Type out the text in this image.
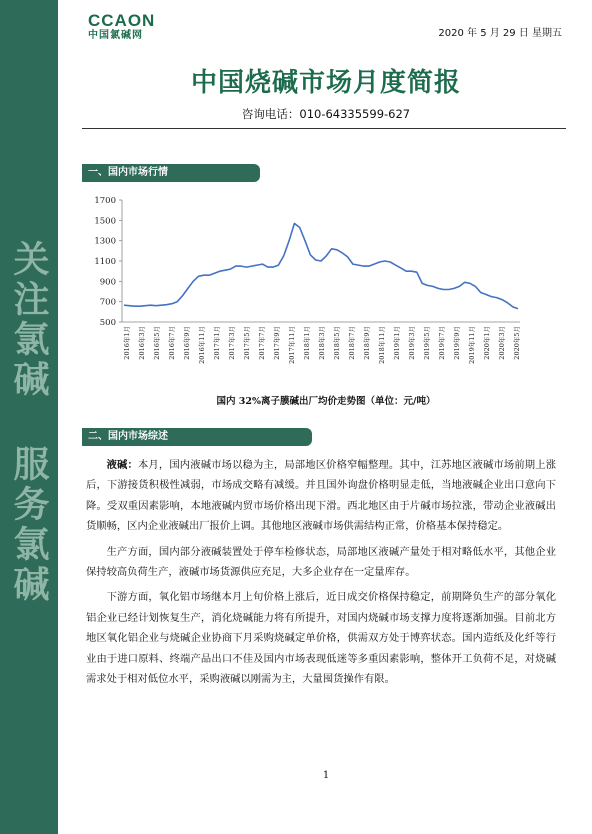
关注氯碱 服务氯碱
CCAON
中国氯碱网	2020 年 5 月 29 日 星期五
中国烧碱市场月度简报
咨询电话：010-64335599-627
一、国内市场行情
500
700
900
1100
1300
1500
1700
2016年1月 2016年3月 2016年5月 2016年7月 2016年9月 2016年11月 2017年1月 2017年3月 2017年5月 2017年7月 2017年9月 2017年11月 2018年1月 2018年3月 2018年5月 2018年7月 2018年9月 2018年11月 2019年1月 2019年3月 2019年5月 2019年7月 2019年9月 2019年11月 2020年1月 2020年3月 2020年5月
国内 32%离子膜碱出厂均价走势图（单位：元/吨）
二、国内市场综述

液碱：本月，国内液碱市场以稳为主，局部地区价格窄幅整理。其中，江苏地区液碱市场前期上涨后，下游接货积极性减弱，市场成交略有减缓。并且国外询盘价格明显走低，当地液碱企业出口意向下降。受双重因素影响，本地液碱内贸市场价格出现下滑。西北地区由于片碱市场拉涨，带动企业液碱出货顺畅，区内企业液碱出厂报价上调。其他地区液碱市场供需结构正常，价格基本保持稳定。

生产方面，国内部分液碱装置处于停车检修状态，局部地区液碱产量处于相对略低水平，其他企业保持较高负荷生产，液碱市场货源供应充足，大多企业存在一定量库存。

下游方面，氧化铝市场继本月上旬价格上涨后，近日成交价格保持稳定，前期降负生产的部分氧化铝企业已经计划恢复生产，消化烧碱能力将有所提升，对国内烧碱市场支撑力度将逐渐加强。目前北方地区氧化铝企业与烧碱企业协商下月采购烧碱定单价格，供需双方处于博弈状态。国内造纸及化纤等行业由于进口原料、终端产品出口不佳及国内市场表现低迷等多重因素影响，整体开工负荷不足，对烧碱需求处于相对低位水平，采购液碱以刚需为主，大量囤货操作有限。

1
